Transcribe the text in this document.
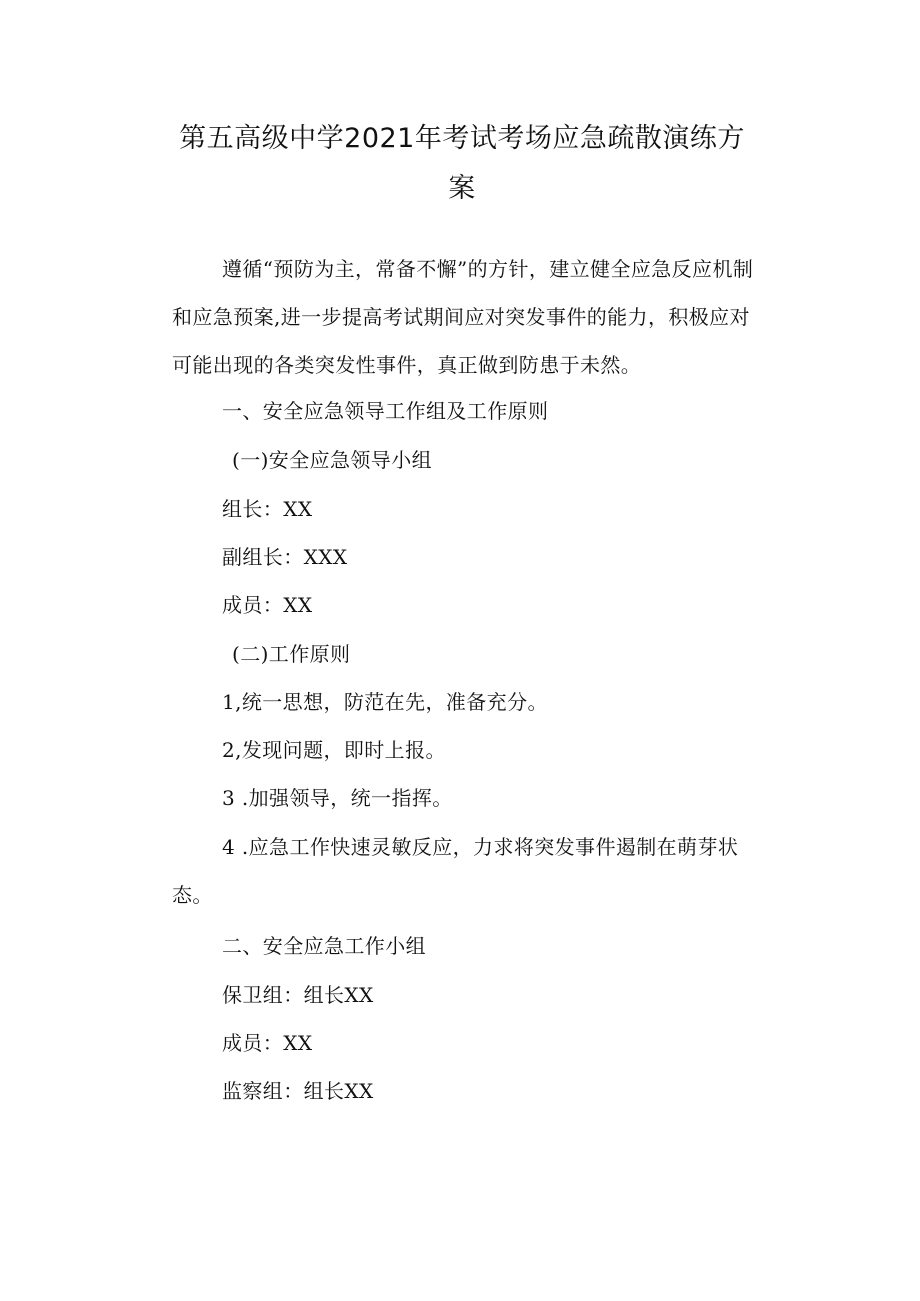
第五高级中学2021年考试考场应急疏散演练方案

遵循“预防为主，常备不懈”的方针，建立健全应急反应机制和应急预案,进一步提高考试期间应对突发事件的能力，积极应对可能出现的各类突发性事件，真正做到防患于未然。

一、安全应急领导工作组及工作原则

(一)安全应急领导小组

组长：XX

副组长：XXX

成员：XX

(二)工作原则

1,统一思想，防范在先，准备充分。

2,发现问题，即时上报。

3 .加强领导，统一指挥。

4 .应急工作快速灵敏反应，力求将突发事件遏制在萌芽状态。

二、安全应急工作小组

保卫组：组长XX

成员：XX

监察组：组长XX
